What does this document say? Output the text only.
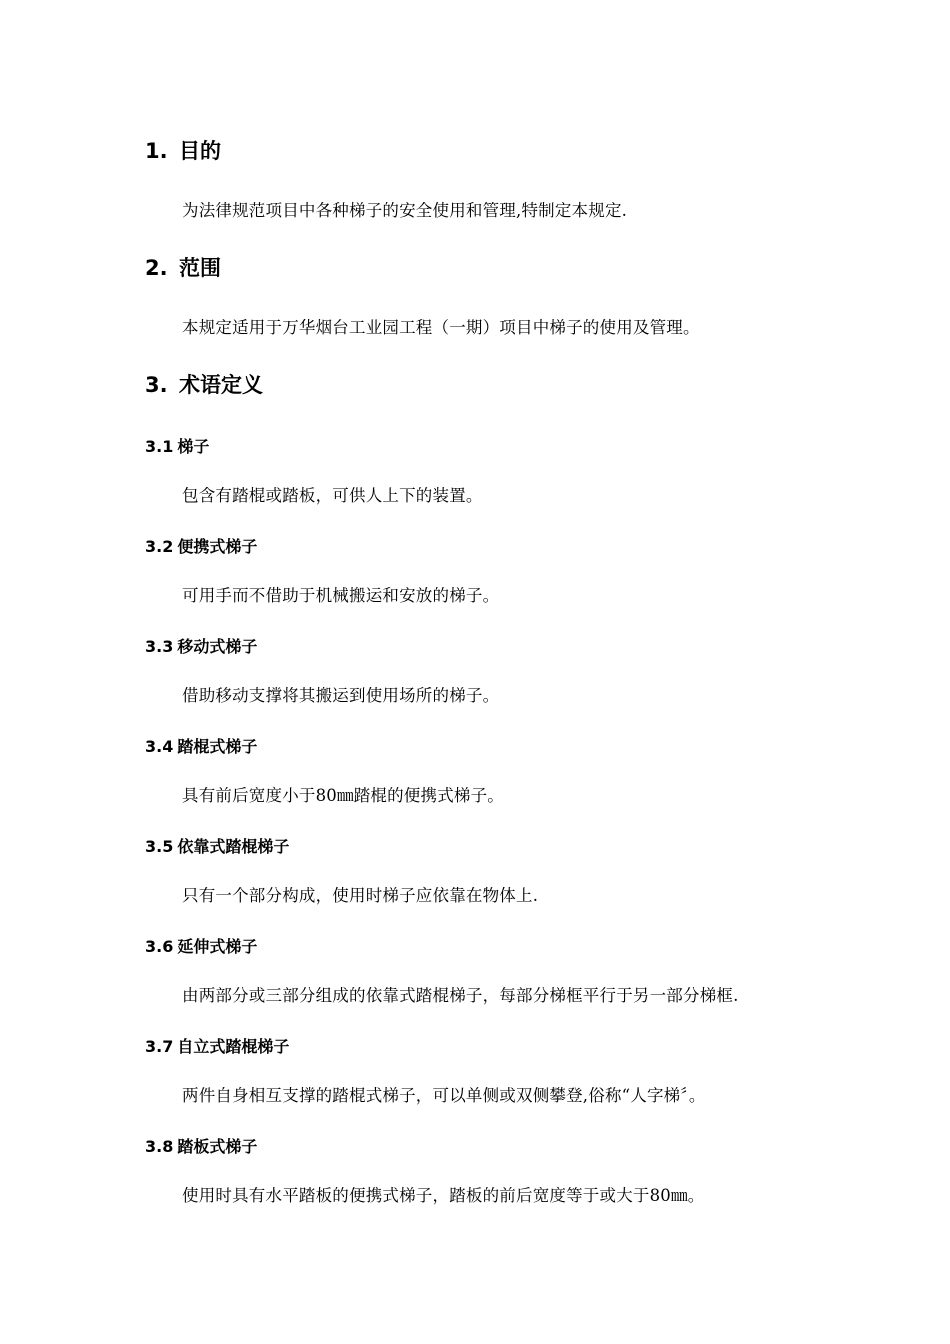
1. 目的
为法律规范项目中各种梯子的安全使用和管理,特制定本规定.
2. 范围
本规定适用于万华烟台工业园工程（一期）项目中梯子的使用及管理。
3. 术语定义
3.1 梯子
包含有踏棍或踏板，可供人上下的装置。
3.2 便携式梯子
可用手而不借助于机械搬运和安放的梯子。
3.3 移动式梯子
借助移动支撑将其搬运到使用场所的梯子。
3.4 踏棍式梯子
具有前后宽度小于80㎜踏棍的便携式梯子。
3.5 依靠式踏棍梯子
只有一个部分构成，使用时梯子应依靠在物体上.
3.6 延伸式梯子
由两部分或三部分组成的依靠式踏棍梯子，每部分梯框平行于另一部分梯框.
3.7 自立式踏棍梯子
两件自身相互支撑的踏棍式梯子，可以单侧或双侧攀登,俗称“人字梯〞。
3.8 踏板式梯子
使用时具有水平踏板的便携式梯子，踏板的前后宽度等于或大于80㎜。
